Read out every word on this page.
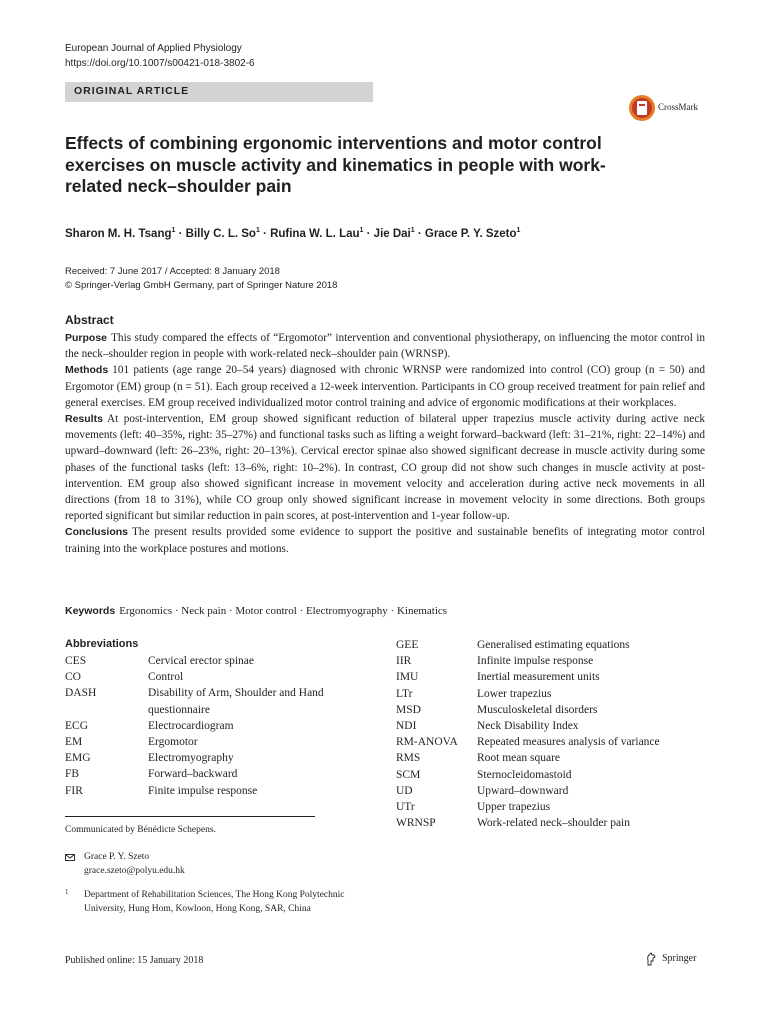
European Journal of Applied Physiology
https://doi.org/10.1007/s00421-018-3802-6
ORIGINAL ARTICLE
CrossMark
Effects of combining ergonomic interventions and motor control exercises on muscle activity and kinematics in people with work-related neck–shoulder pain
Sharon M. H. Tsang$^1$ · Billy C. L. $So^1$ · Rufina W. L. Lau$^1$ · Jie Dai$^1$ · Grace P. Y. Szeto$^1$
Received: 7 June 2017 / Accepted: 8 January 2018
© Springer-Verlag GmbH Germany, part of Springer Nature 2018
Abstract

Purpose This study compared the effects of “Ergomotor” intervention and conventional physiotherapy, on influencing the motor control in the neck–shoulder region in people with work-related neck–shoulder pain (WRNSP).

Methods 101 patients (age range 20–54 years) diagnosed with chronic WRNSP were randomized into control (CO) group (n = 50) and Ergomotor (EM) group (n = 51). Each group received a 12-week intervention. Participants in CO group received treatment for pain relief and general exercises. EM group received individualized motor control training and advice of ergonomic modifications at their workplaces.

Results At post-intervention, EM group showed significant reduction of bilateral upper trapezius muscle activity during active neck movements (left: 40–35%, right: 35–27%) and functional tasks such as lifting a weight forward–backward (left: 31–21%, right: 22–14%) and upward–downward (left: 26–23%, right: 20–13%). Cervical erector spinae also showed significant decrease in muscle activity during some phases of the functional tasks (left: 13–6%, right: 10–2%). In contrast, CO group did not show such changes in muscle activity at post-intervention. EM group also showed significant increase in movement velocity and acceleration during active neck movements in all directions (from 18 to 31%), while CO group only showed significant increase in movement velocity in some directions. Both groups reported significant but similar reduction in pain scores, at post-intervention and 1-year follow-up.

Conclusions The present results provided some evidence to support the positive and sustainable benefits of integrating motor control training into the workplace postures and motions.

Keywords Ergonomics · Neck pain · Motor control · Electromyography · Kinematics
Abbreviations
CES	Cervical erector spinae
CO	Control
DASH	Disability of Arm, Shoulder and Hand questionnaire
ECG	Electrocardiogram
EM	Ergomotor
EMG	Electromyography
FB	Forward–backward
FIR	Finite impulse response
GEE	Generalised estimating equations
IIR	Infinite impulse response
IMU	Inertial measurement units
LTr	Lower trapezius
MSD	Musculoskeletal disorders
NDI	Neck Disability Index
RM-ANOVA	Repeated measures analysis of variance
RMS	Root mean square
SCM	Sternocleidomastoid
UD	Upward–downward
UTr	Upper trapezius
WRNSP	Work-related neck–shoulder pain
Communicated by Bénédicte Schepens.
Grace P. Y. Szeto
grace.szeto@polyu.edu.hk
1 Department of Rehabilitation Sciences, The Hong Kong Polytechnic University, Hung Hom, Kowloon, Hong Kong, SAR, China
Published online: 15 January 2018	Springer
